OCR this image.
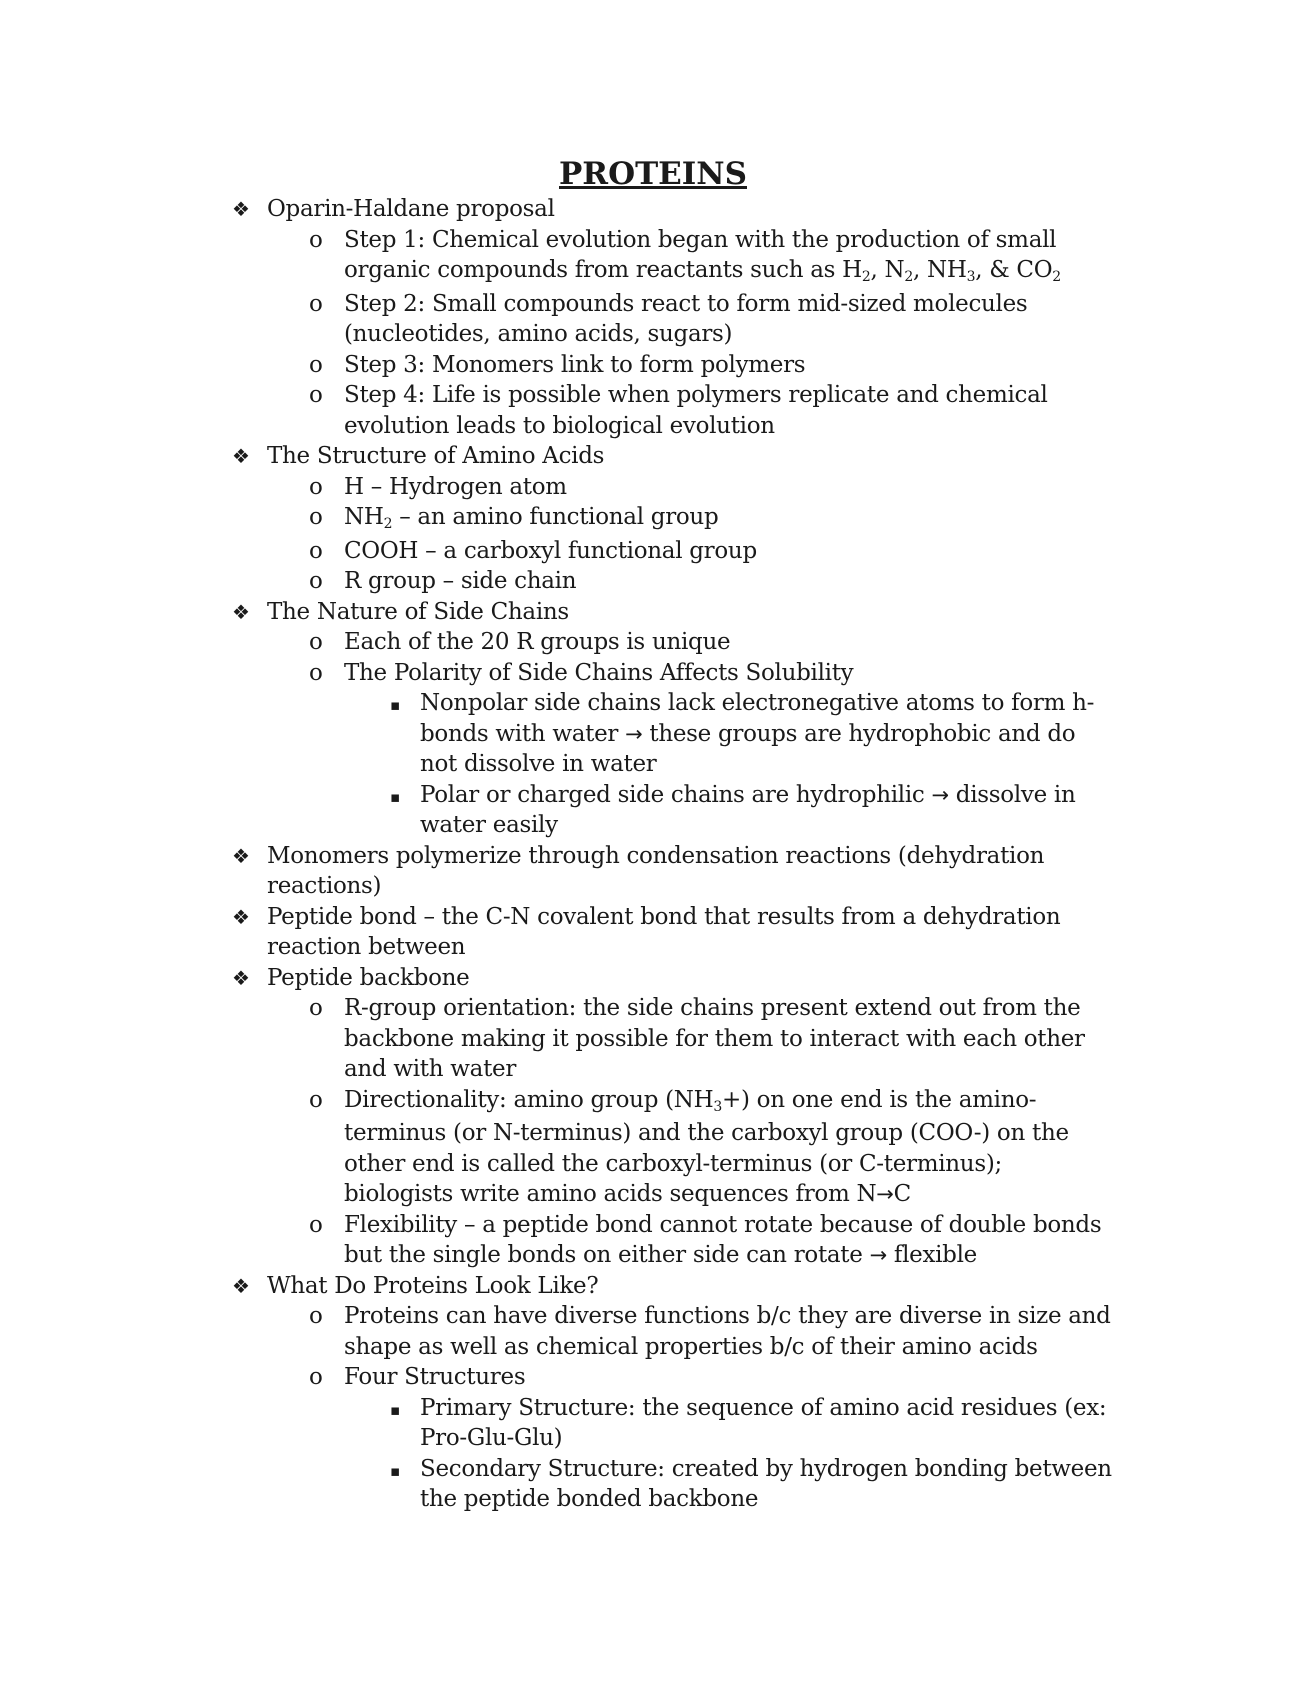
PROTEINS
❖ Oparin-Haldane proposal
o Step 1: Chemical evolution began with the production of small organic compounds from reactants such as $H_2$, $N_2$, $NH_3$, & $CO_2$
o Step 2: Small compounds react to form mid-sized molecules (nucleotides, amino acids, sugars)
o Step 3: Monomers link to form polymers
o Step 4: Life is possible when polymers replicate and chemical evolution leads to biological evolution
❖ The Structure of Amino Acids
o H – Hydrogen atom
o $NH_2$ – an amino functional group
o COOH – a carboxyl functional group
o R group – side chain
❖ The Nature of Side Chains
o Each of the 20 R groups is unique
o The Polarity of Side Chains Affects Solubility
▪ Nonpolar side chains lack electronegative atoms to form h-bonds with water → these groups are hydrophobic and do not dissolve in water
▪ Polar or charged side chains are hydrophilic → dissolve in water easily
❖ Monomers polymerize through condensation reactions (dehydration reactions)
❖ Peptide bond – the C-N covalent bond that results from a dehydration reaction between
❖ Peptide backbone
o R-group orientation: the side chains present extend out from the backbone making it possible for them to interact with each other and with water
o Directionality: amino group $(NH_3+)$ on one end is the amino-terminus (or N-terminus) and the carboxyl group (COO-) on the other end is called the carboxyl-terminus (or C-terminus); biologists write amino acids sequences from N→C
o Flexibility – a peptide bond cannot rotate because of double bonds but the single bonds on either side can rotate → flexible
❖ What Do Proteins Look Like?
o Proteins can have diverse functions b/c they are diverse in size and shape as well as chemical properties b/c of their amino acids
o Four Structures
▪ Primary Structure: the sequence of amino acid residues (ex: Pro-Glu-Glu)
▪ Secondary Structure: created by hydrogen bonding between the peptide bonded backbone
